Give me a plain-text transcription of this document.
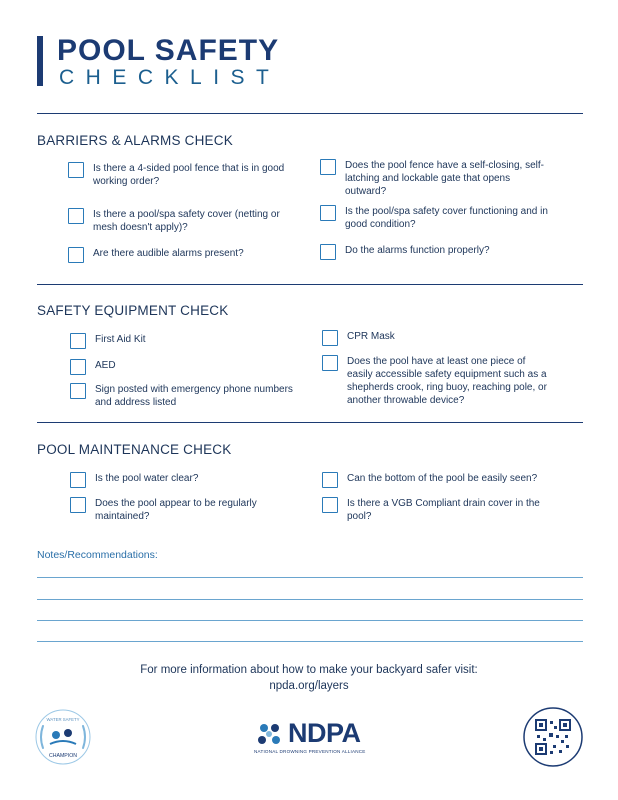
POOL SAFETY
CHECKLIST
BARRIERS & ALARMS CHECK
Is there a 4-sided pool fence that is in good working order?
Does the pool fence have a self-closing, self-latching and lockable gate that opens outward?
Is there a pool/spa safety cover (netting or mesh doesn't apply)?
Is the pool/spa safety cover functioning and in good condition?
Are there audible alarms present?	Do the alarms function properly?
SAFETY EQUIPMENT CHECK
First Aid Kit	CPR Mask
AED	Does the pool have at least one piece of easily accessible safety equipment such as a shepherds crook, ring buoy, reaching pole, or another throwable device?
Sign posted with emergency phone numbers and address listed
POOL MAINTENANCE CHECK
Is the pool water clear?	Can the bottom of the pool be easily seen?
Does the pool appear to be regularly maintained?
Is there a VGB Compliant drain cover in the pool?
Notes/Recommendations:
For more information about how to make your backyard safer visit:
npda.org/layers
WATER SAFETY
CHAMPION
NDPA
NATIONAL DROWNING PREVENTION ALLIANCE
